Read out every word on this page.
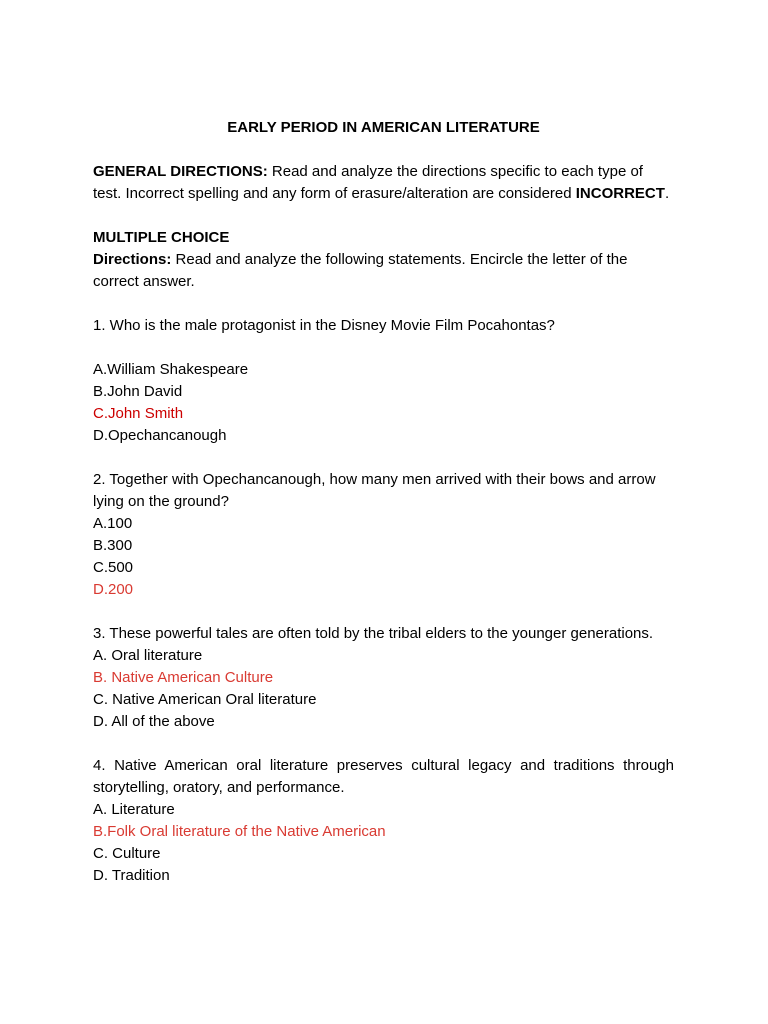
EARLY PERIOD IN AMERICAN LITERATURE

GENERAL DIRECTIONS: Read and analyze the directions specific to each type of test. Incorrect spelling and any form of erasure/alteration are considered INCORRECT.

MULTIPLE CHOICE

Directions: Read and analyze the following statements. Encircle the letter of the correct answer.

1. Who is the male protagonist in the Disney Movie Film Pocahontas?

A.William Shakespeare

B.John David

C.John Smith

D.Opechancanough

2. Together with Opechancanough, how many men arrived with their bows and arrow lying on the ground?

A.100

B.300

C.500

D.200

3. These powerful tales are often told by the tribal elders to the younger generations.

A. Oral literature

B. Native American Culture

C. Native American Oral literature

D. All of the above

4. Native American oral literature preserves cultural legacy and traditions through storytelling, oratory, and performance.

A. Literature

B.Folk Oral literature of the Native American

C. Culture

D. Tradition
